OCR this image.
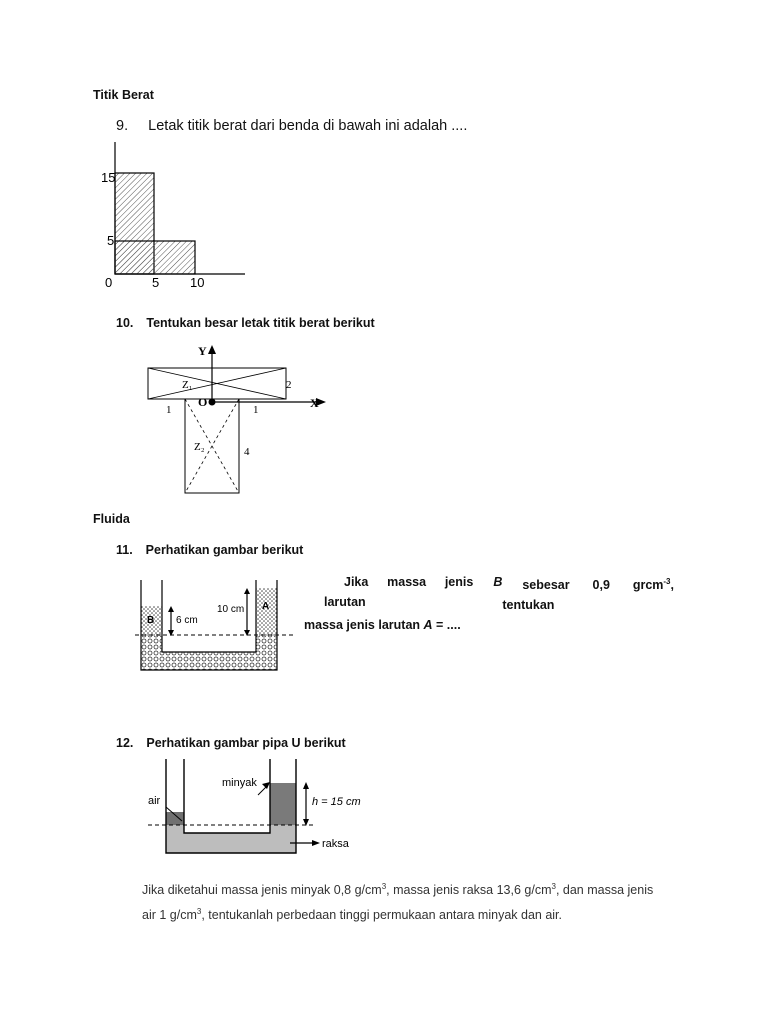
Titik Berat
9. Letak titik berat dari benda di bawah ini adalah ....
15
5
0	5 10
10. Tentukan besar letak titik berat berikut
Y
X
O
Z₁
Z₂
2
1	1
4
Fluida
11. Perhatikan gambar berikut
B
A
6 cm
10 cm
Jika massa jenis larutan
B	sebesar 0,9 grcm$^{-3}$, tentukan
massa jenis larutan A = ....
12. Perhatikan gambar pipa U berikut
minyak
air	h = 15 cm
raksa
Jika diketahui massa jenis minyak 0,8 $g/cm^3$, massa jenis raksa 13,6 $g/cm^3$, dan massa jenis
air 1 $g/cm^3$, tentukanlah perbedaan tinggi permukaan antara minyak dan air.
